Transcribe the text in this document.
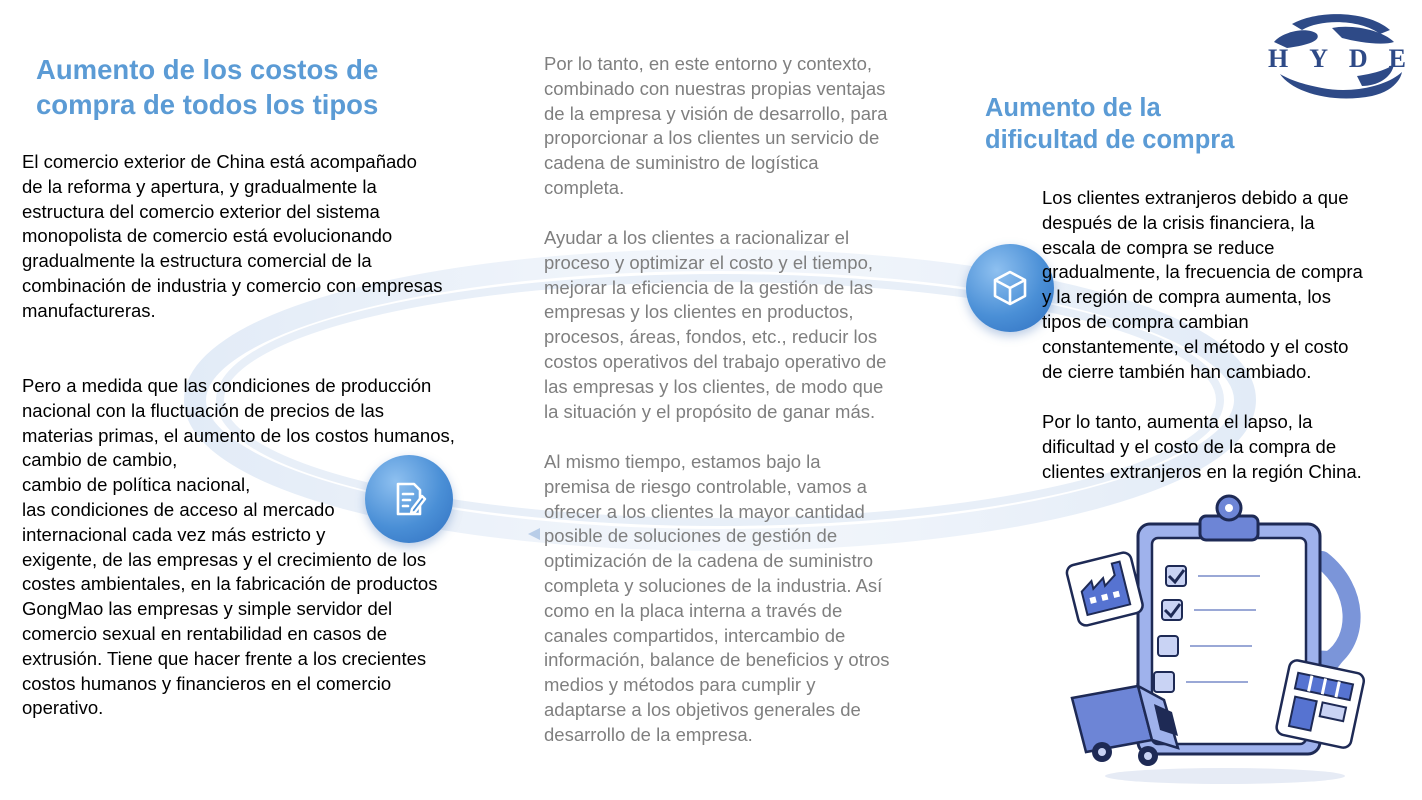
H Y D E
Aumento de los costos de
compra de todos los tipos

El comercio exterior de China está acompañado
de la reforma y apertura, y gradualmente la
estructura del comercio exterior del sistema
monopolista de comercio está evolucionando
gradualmente la estructura comercial de la
combinación de industria y comercio con empresas
manufactureras.

Pero a medida que las condiciones de producción
nacional con la fluctuación de precios de las
materias primas, el aumento de los costos humanos,
cambio de cambio,
cambio de política nacional,
las condiciones de acceso al mercado
internacional cada vez más estricto y
exigente, de las empresas y el crecimiento de los
costes ambientales, en la fabricación de productos
GongMao las empresas y simple servidor del
comercio sexual en rentabilidad en casos de
extrusión. Tiene que hacer frente a los crecientes
costos humanos y financieros en el comercio
operativo.

Por lo tanto, en este entorno y contexto,
combinado con nuestras propias ventajas
de la empresa y visión de desarrollo, para
proporcionar a los clientes un servicio de
cadena de suministro de logística
completa.

Ayudar a los clientes a racionalizar el
proceso y optimizar el costo y el tiempo,
mejorar la eficiencia de la gestión de las
empresas y los clientes en productos,
procesos, áreas, fondos, etc., reducir los
costos operativos del trabajo operativo de
las empresas y los clientes, de modo que
la situación y el propósito de ganar más.

Al mismo tiempo, estamos bajo la
premisa de riesgo controlable, vamos a
ofrecer a los clientes la mayor cantidad
posible de soluciones de gestión de
optimización de la cadena de suministro
completa y soluciones de la industria. Así
como en la placa interna a través de
canales compartidos, intercambio de
información, balance de beneficios y otros
medios y métodos para cumplir y
adaptarse a los objetivos generales de
desarrollo de la empresa.

Aumento de la
dificultad de compra

Los clientes extranjeros debido a que
después de la crisis financiera, la
escala de compra se reduce
gradualmente, la frecuencia de compra
y la región de compra aumenta, los
tipos de compra cambian
constantemente, el método y el costo
de cierre también han cambiado.

Por lo tanto, aumenta el lapso, la
dificultad y el costo de la compra de
clientes extranjeros en la región China.
